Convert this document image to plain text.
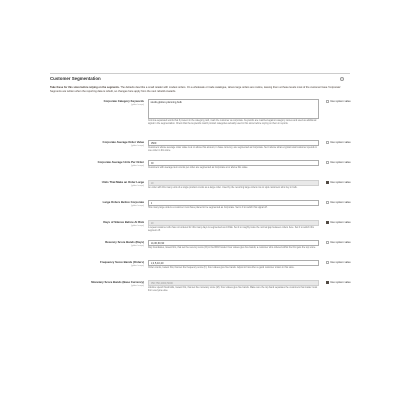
Customer Segmentation	⌃

Take these for this store before relying on the segments. The defaults describe a small retailer with modest orders. On a wholesale or trade catalogue, where large orders are routine, leaving them at these levels most of the customer base 'Corporate'. Segments are written when the reporting data is rebuilt, so changes here apply from the next rebuild onwards.

Corporate Category Keywords
[global scope]
studio,globex,planning,bulk
Comma-separated words that if present in the category path, mark the customer as corporate. Keywords are matched against category names and used as additional signal in the segmentation. Check that the keywords match product categories actually used in this store before relying on them in reports.
Use system value
Corporate Average Order Value
[global scope]
1500
Customers whose average order value is at or above this amount, in base currency, are segmented as Corporate. Set it above what a typical retail customer spends in one order in this store.
Use system value
Corporate Average Units Per Order
[global scope]
20
Customers with average item counts per order are segmented as Corporate at or above this value.
Use system value
Units That Make an Order Large
[global scope]
10
An order with this many units of a single product counts as a large order. Used by the recurring large orders rule to spot customers who buy in bulk.
Use system value
Large Orders Before Corporate
[global scope]
3
How many large orders a customer must have placed to be segmented as Corporate. Set to 0 to switch this signal off.
Use system value
Days of Silence Before At Risk
[global scope]
90
A repeat customer who has not ordered for this many days is segmented as At Risk. Set it to roughly twice the normal gap between orders here. Set 0 to switch this segment off.
Use system value
Recency Score Bands (Days)
[global scope]
14,30,60,90
Day boundaries, lowest first, that set the recency score (R) in the RFM model. Four values give five bands; a customer who ordered within the first gets the top score.
Use system value
Frequency Score Bands (Orders)
[global scope]
1,3,5,10,20
Order counts, lowest first, that set the frequency score (F). Four values give five bands. Adjust to how often a good customer orders in this store.
Use system value
Monetary Score Bands (Base Currency)
[global scope]
250,750,2000,5000
Lifetime spend thresholds, lowest first, that set the monetary score (M). Four values give five bands. Make sure the top band separates the customers that matter most from everyone else.
Use system value
